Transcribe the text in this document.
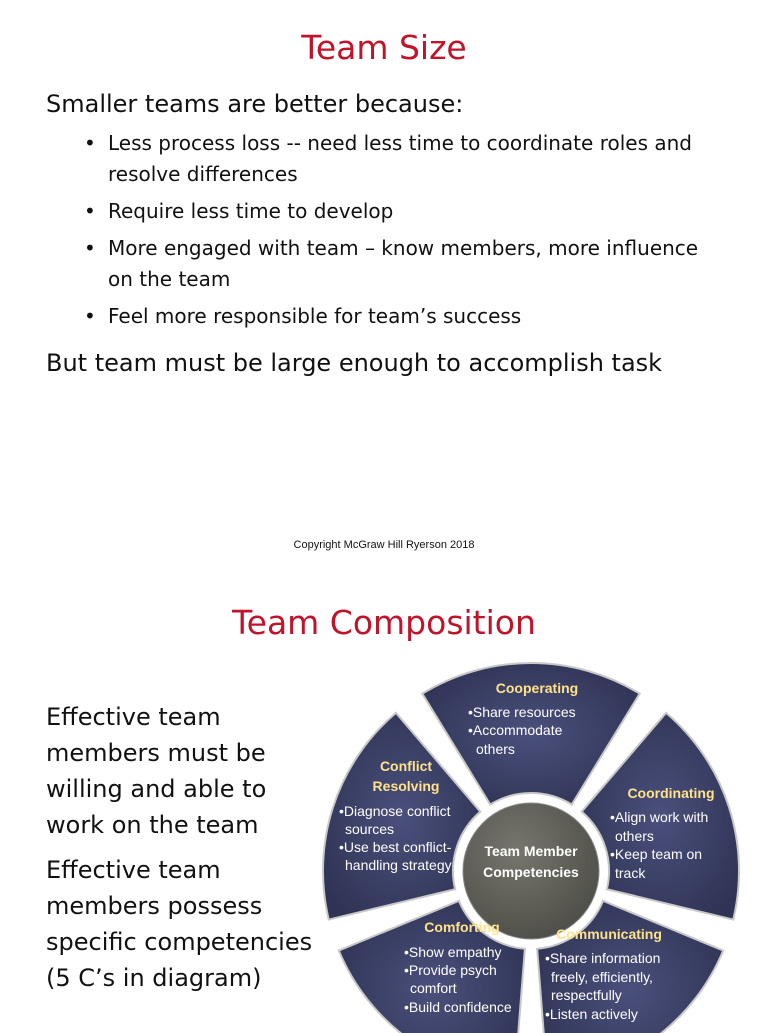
Team Size
Smaller teams are better because:
• Less process loss -- need less time to coordinate roles and resolve differences
• Require less time to develop
• More engaged with team – know members, more influence on the team
• Feel more responsible for team’s success
But team must be large enough to accomplish task
Copyright McGraw Hill Ryerson 2018
Team Composition
Effective team members must be willing and able to work on the team
Effective team members possess specific competencies (5 C’s in diagram)
Team Member
Competencies
Cooperating
•Share resources
•Accommodate
others
Coordinating
•Align work with
others
•Keep team on
track
Communicating
•Share information
freely, efficiently,
respectfully
•Listen actively
Comforting
•Show empathy
•Provide psych
comfort
•Build confidence
Conflict
Resolving
•Diagnose conflict
sources
•Use best conflict-
handling strategy
